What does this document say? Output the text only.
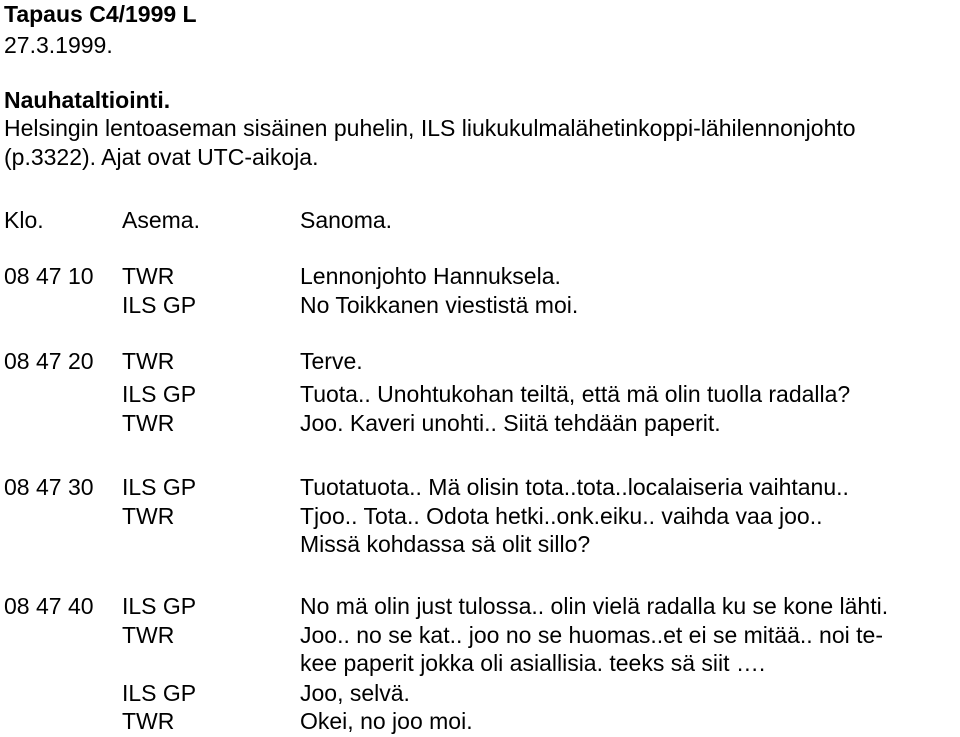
Tapaus C4/1999 L
27.3.1999.
Nauhataltiointi.
Helsingin lentoaseman sisäinen puhelin, ILS liukukulmalähetinkoppi-lähilennonjohto
(p.3322). Ajat ovat UTC-aikoja.
Klo.	Asema.	Sanoma.
08 47 10 TWR	Lennonjohto Hannuksela.
ILS GP	No Toikkanen viestistä moi.
08 47 20 TWR	Terve.
ILS GP	Tuota.. Unohtukohan teiltä, että mä olin tuolla radalla?
TWR	Joo. Kaveri unohti.. Siitä tehdään paperit.
08 47 30 ILS GP	Tuotatuota.. Mä olisin tota..tota..localaiseria vaihtanu..
TWR	Tjoo.. Tota.. Odota hetki..onk.eiku.. vaihda vaa joo..
Missä kohdassa sä olit sillo?
08 47 40 ILS GP	No mä olin just tulossa.. olin vielä radalla ku se kone lähti.
TWR	Joo.. no se kat.. joo no se huomas..et ei se mitää.. noi te-
kee paperit jokka oli asiallisia. teeks sä siit ….
ILS GP	Joo, selvä.
TWR	Okei, no joo moi.
